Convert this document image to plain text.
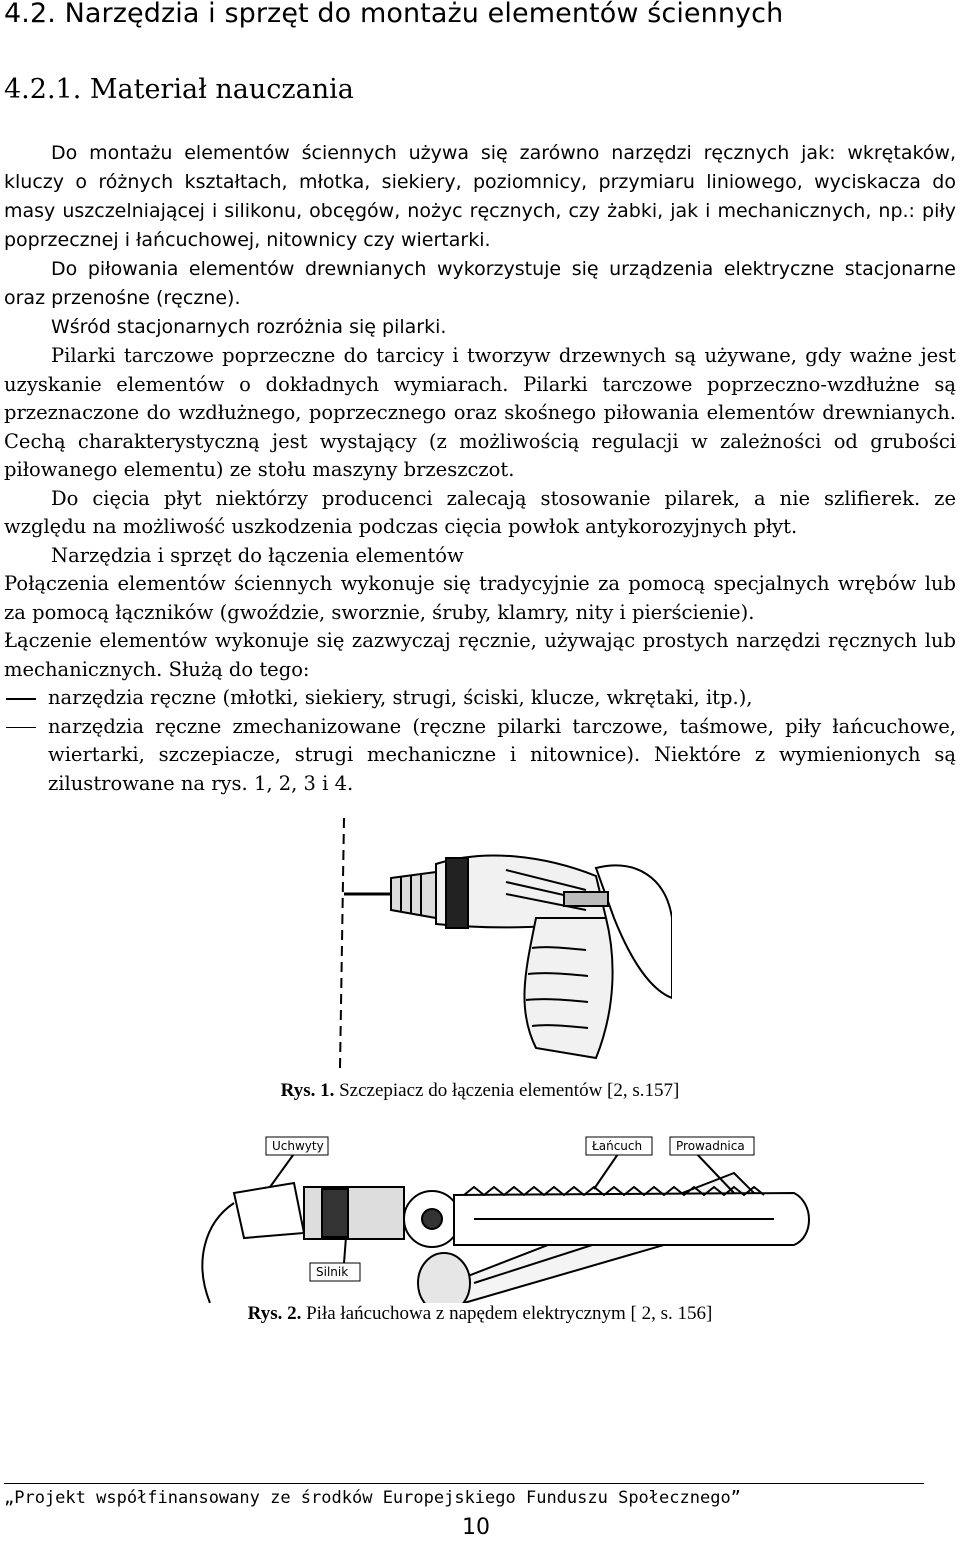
4.2. Narzędzia i sprzęt do montażu elementów ściennych
4.2.1. Materiał nauczania

Do montażu elementów ściennych używa się zarówno narzędzi ręcznych jak: wkrętaków, kluczy o różnych kształtach, młotka, siekiery, poziomnicy, przymiaru liniowego, wyciskacza do masy uszczelniającej i silikonu, obcęgów, nożyc ręcznych, czy żabki, jak i mechanicznych, np.: piły poprzecznej i łańcuchowej, nitownicy czy wiertarki.

Do piłowania elementów drewnianych wykorzystuje się urządzenia elektryczne stacjonarne oraz przenośne (ręczne).

Wśród stacjonarnych rozróżnia się pilarki.

Pilarki tarczowe poprzeczne do tarcicy i tworzyw drzewnych są używane, gdy ważne jest uzyskanie elementów o dokładnych wymiarach. Pilarki tarczowe poprzeczno-wzdłużne są przeznaczone do wzdłużnego, poprzecznego oraz skośnego piłowania elementów drewnianych. Cechą charakterystyczną jest wystający (z możliwością regulacji w zależności od grubości piłowanego elementu) ze stołu maszyny brzeszczot.

Do cięcia płyt niektórzy producenci zalecają stosowanie pilarek, a nie szlifierek. ze względu na możliwość uszkodzenia podczas cięcia powłok antykorozyjnych płyt.

Narzędzia i sprzęt do łączenia elementów

Połączenia elementów ściennych wykonuje się tradycyjnie za pomocą specjalnych wrębów lub za pomocą łączników (gwoździe, sworznie, śruby, klamry, nity i pierścienie).

Łączenie elementów wykonuje się zazwyczaj ręcznie, używając prostych narzędzi ręcznych lub mechanicznych. Służą do tego:

narzędzia ręczne (młotki, siekiery, strugi, ściski, klucze, wkrętaki, itp.),
narzędzia ręczne zmechanizowane (ręczne pilarki tarczowe, taśmowe, piły łańcuchowe, wiertarki, szczepiacze, strugi mechaniczne i nitownice). Niektóre z wymienionych są zilustrowane na rys. 1, 2, 3 i 4.
Rys. 1. Szczepiacz do łączenia elementów [2, s.157]
Uchwyty	Łańcuch	Prowadnica
Silnik
Rys. 2. Piła łańcuchowa z napędem elektrycznym [ 2, s. 156]
„Projekt współfinansowany ze środków Europejskiego Funduszu Społecznego”
10
